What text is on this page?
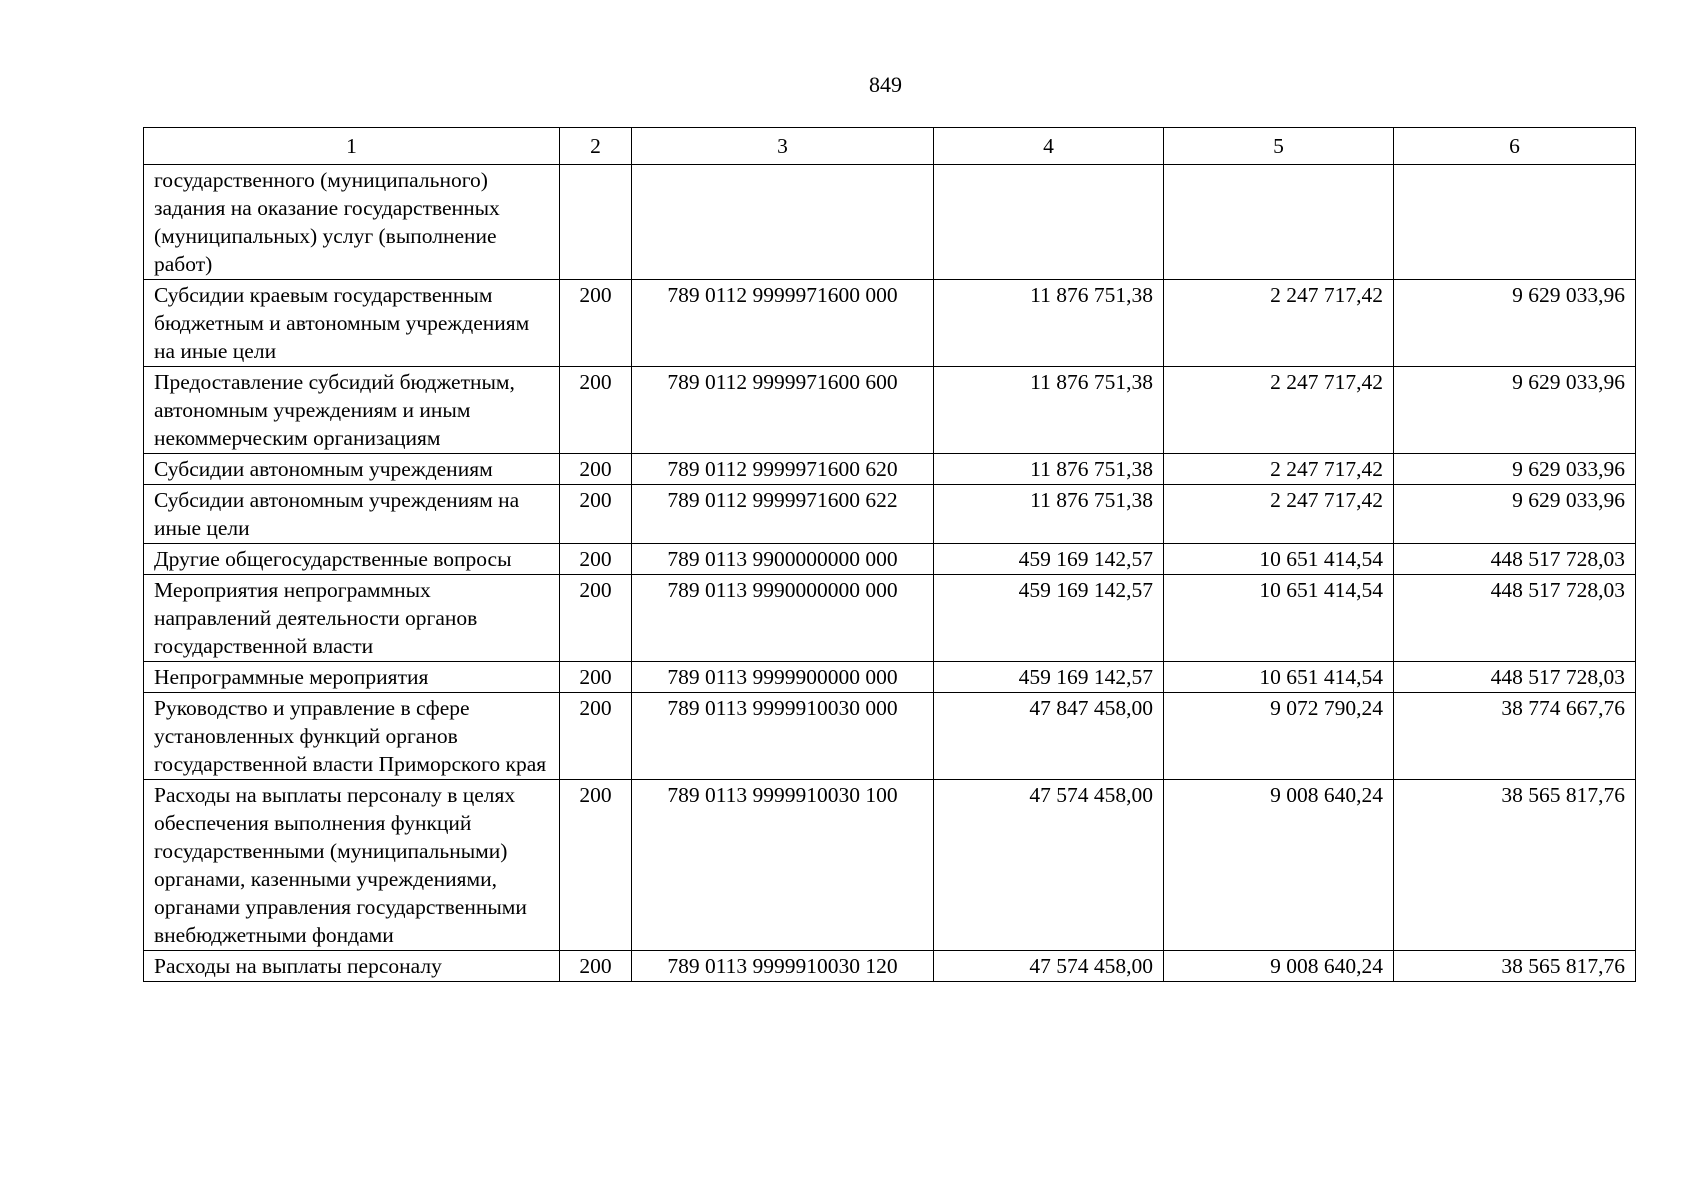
849
1	2	3	4	5	6
государственного (муниципального) задания на оказание государственных (муниципальных) услуг (выполнение работ)					
Субсидии краевым государственным бюджетным и автономным учреждениям на иные цели	200	789 0112 9999971600 000	11 876 751,38	2 247 717,42	9 629 033,96
Предоставление субсидий бюджетным, автономным учреждениям и иным некоммерческим организациям	200	789 0112 9999971600 600	11 876 751,38	2 247 717,42	9 629 033,96
Субсидии автономным учреждениям	200	789 0112 9999971600 620	11 876 751,38	2 247 717,42	9 629 033,96
Субсидии автономным учреждениям на иные цели	200	789 0112 9999971600 622	11 876 751,38	2 247 717,42	9 629 033,96
Другие общегосударственные вопросы	200	789 0113 9900000000 000	459 169 142,57	10 651 414,54	448 517 728,03
Мероприятия непрограммных направлений деятельности органов государственной власти	200	789 0113 9990000000 000	459 169 142,57	10 651 414,54	448 517 728,03
Непрограммные мероприятия	200	789 0113 9999900000 000	459 169 142,57	10 651 414,54	448 517 728,03
Руководство и управление в сфере установленных функций органов государственной власти Приморского края	200	789 0113 9999910030 000	47 847 458,00	9 072 790,24	38 774 667,76
Расходы на выплаты персоналу в целях обеспечения выполнения функций государственными (муниципальными) органами, казенными учреждениями, органами управления государственными внебюджетными фондами	200	789 0113 9999910030 100	47 574 458,00	9 008 640,24	38 565 817,76
Расходы на выплаты персоналу	200	789 0113 9999910030 120	47 574 458,00	9 008 640,24	38 565 817,76
